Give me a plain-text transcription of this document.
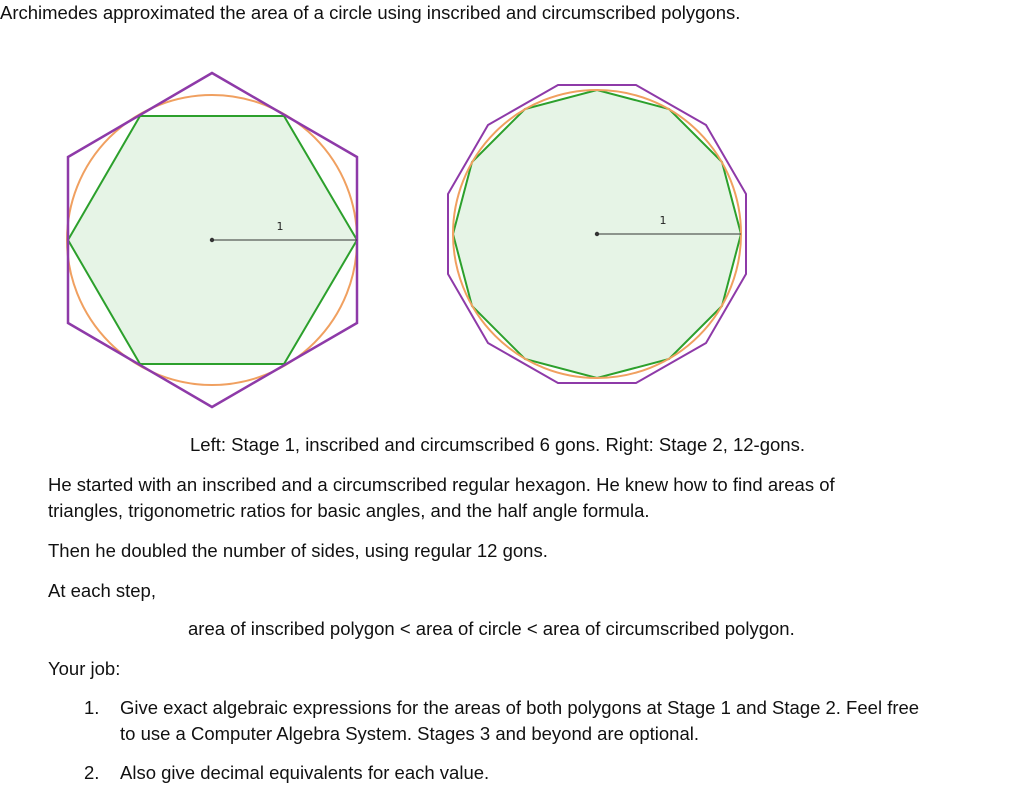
Archimedes approximated the area of a circle using inscribed and circumscribed polygons.
1	1
Left: Stage 1, inscribed and circumscribed 6 gons. Right: Stage 2, 12-gons.
He started with an inscribed and a circumscribed regular hexagon. He knew how to find areas of
triangles, trigonometric ratios for basic angles, and the half angle formula.
Then he doubled the number of sides, using regular 12 gons.
At each step,
area of inscribed polygon < area of circle < area of circumscribed polygon.
Your job:
1. Give exact algebraic expressions for the areas of both polygons at Stage 1 and Stage 2. Feel free
to use a Computer Algebra System. Stages 3 and beyond are optional.
2. Also give decimal equivalents for each value.
